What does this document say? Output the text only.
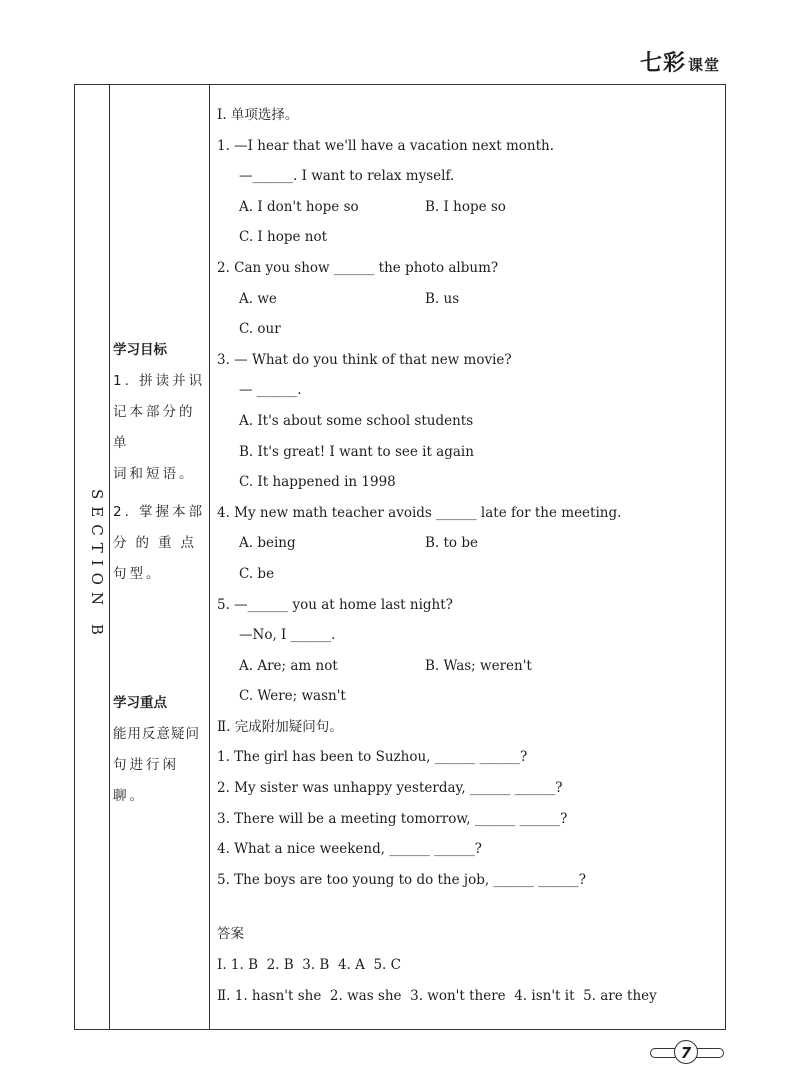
七彩 课堂
SECTION B
学习目标
1. 拼读并识
记本部分的单
词和短语。
2. 掌握本部
分的重点
句型。
学习重点
能用反意疑问
句进行闲聊。
Ⅰ. 单项选择。
1. —I hear that we'll have a vacation next month.
—______. I want to relax myself.
A. I don't hope so	B. I hope so
C. I hope not
2. Can you show ______ the photo album?
A. we	B. us
C. our
3. — What do you think of that new movie?
— ______.
A. It's about some school students
B. It's great! I want to see it again
C. It happened in 1998
4. My new math teacher avoids ______ late for the meeting.
A. being	B. to be
C. be
5. —______ you at home last night?
—No, I ______.
A. Are; am not	B. Was; weren't
C. Were; wasn't
Ⅱ. 完成附加疑问句。
1. The girl has been to Suzhou, ______ ______?
2. My sister was unhappy yesterday, ______ ______?
3. There will be a meeting tomorrow, ______ ______?
4. What a nice weekend, ______ ______?
5. The boys are too young to do the job, ______ ______?
答案
Ⅰ. 1. B  2. B  3. B  4. A  5. C
Ⅱ. 1. hasn't she  2. was she  3. won't there  4. isn't it  5. are they
7
